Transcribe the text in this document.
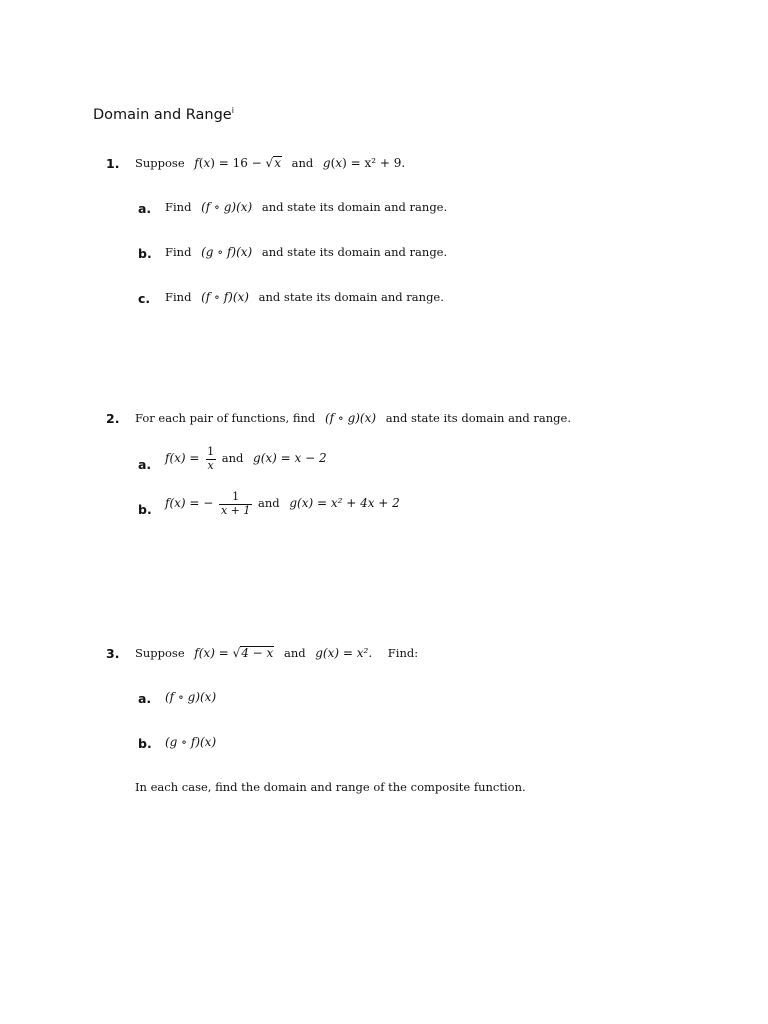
Domain and Range$^i$
1. Suppose f(x) = 16 − √x and g(x) = x² + 9.
a. Find (f ∘ g)(x) and state its domain and range.
b. Find (g ∘ f)(x) and state its domain and range.
c. Find (f ∘ f)(x) and state its domain and range.
2. For each pair of functions, find (f ∘ g)(x) and state its domain and range.
a. $f(x) = \frac{1}{x}$ and g(x) = x − 2
b. f(x) = − $\frac{1}{x + 1}$ and g(x) = x² + 4x + 2
3. Suppose f(x) = √4 − x and g(x) = x². Find:
a. (f ∘ g)(x)
b. (g ∘ f)(x)
In each case, find the domain and range of the composite function.
